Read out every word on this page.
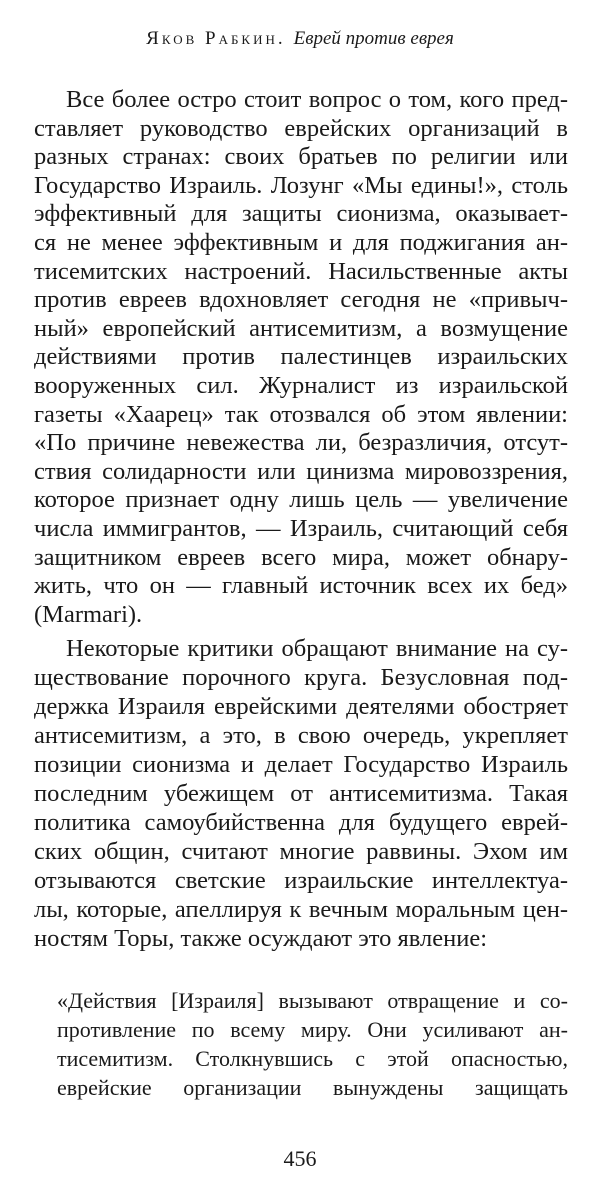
Яков Рабкин. Еврей против еврея
Все более остро стоит вопрос о том, кого пред-
ставляет руководство еврейских организаций в
разных странах: своих братьев по религии или
Государство Израиль. Лозунг «Мы едины!», столь
эффективный для защиты сионизма, оказывает-
ся не менее эффективным и для поджигания ан-
тисемитских настроений. Насильственные акты
против евреев вдохновляет сегодня не «привыч-
ный» европейский антисемитизм, а возмущение
действиями против палестинцев израильских
вооруженных сил. Журналист из израильской
газеты «Хаарец» так отозвался об этом явлении:
«По причине невежества ли, безразличия, отсут-
ствия солидарности или цинизма мировоззрения,
которое признает одну лишь цель — увеличение
числа иммигрантов, — Израиль, считающий себя
защитником евреев всего мира, может обнару-
жить, что он — главный источник всех их бед»
(Marmari).
Некоторые критики обращают внимание на су-
ществование порочного круга. Безусловная под-
держка Израиля еврейскими деятелями обостряет
антисемитизм, а это, в свою очередь, укрепляет
позиции сионизма и делает Государство Израиль
последним убежищем от антисемитизма. Такая
политика самоубийственна для будущего еврей-
ских общин, считают многие раввины. Эхом им
отзываются светские израильские интеллектуа-
лы, которые, апеллируя к вечным моральным цен-
ностям Торы, также осуждают это явление:
«Действия [Израиля] вызывают отвращение и со-
противление по всему миру. Они усиливают ан-
тисемитизм. Столкнувшись с этой опасностью,
еврейские организации вынуждены защищать
456
